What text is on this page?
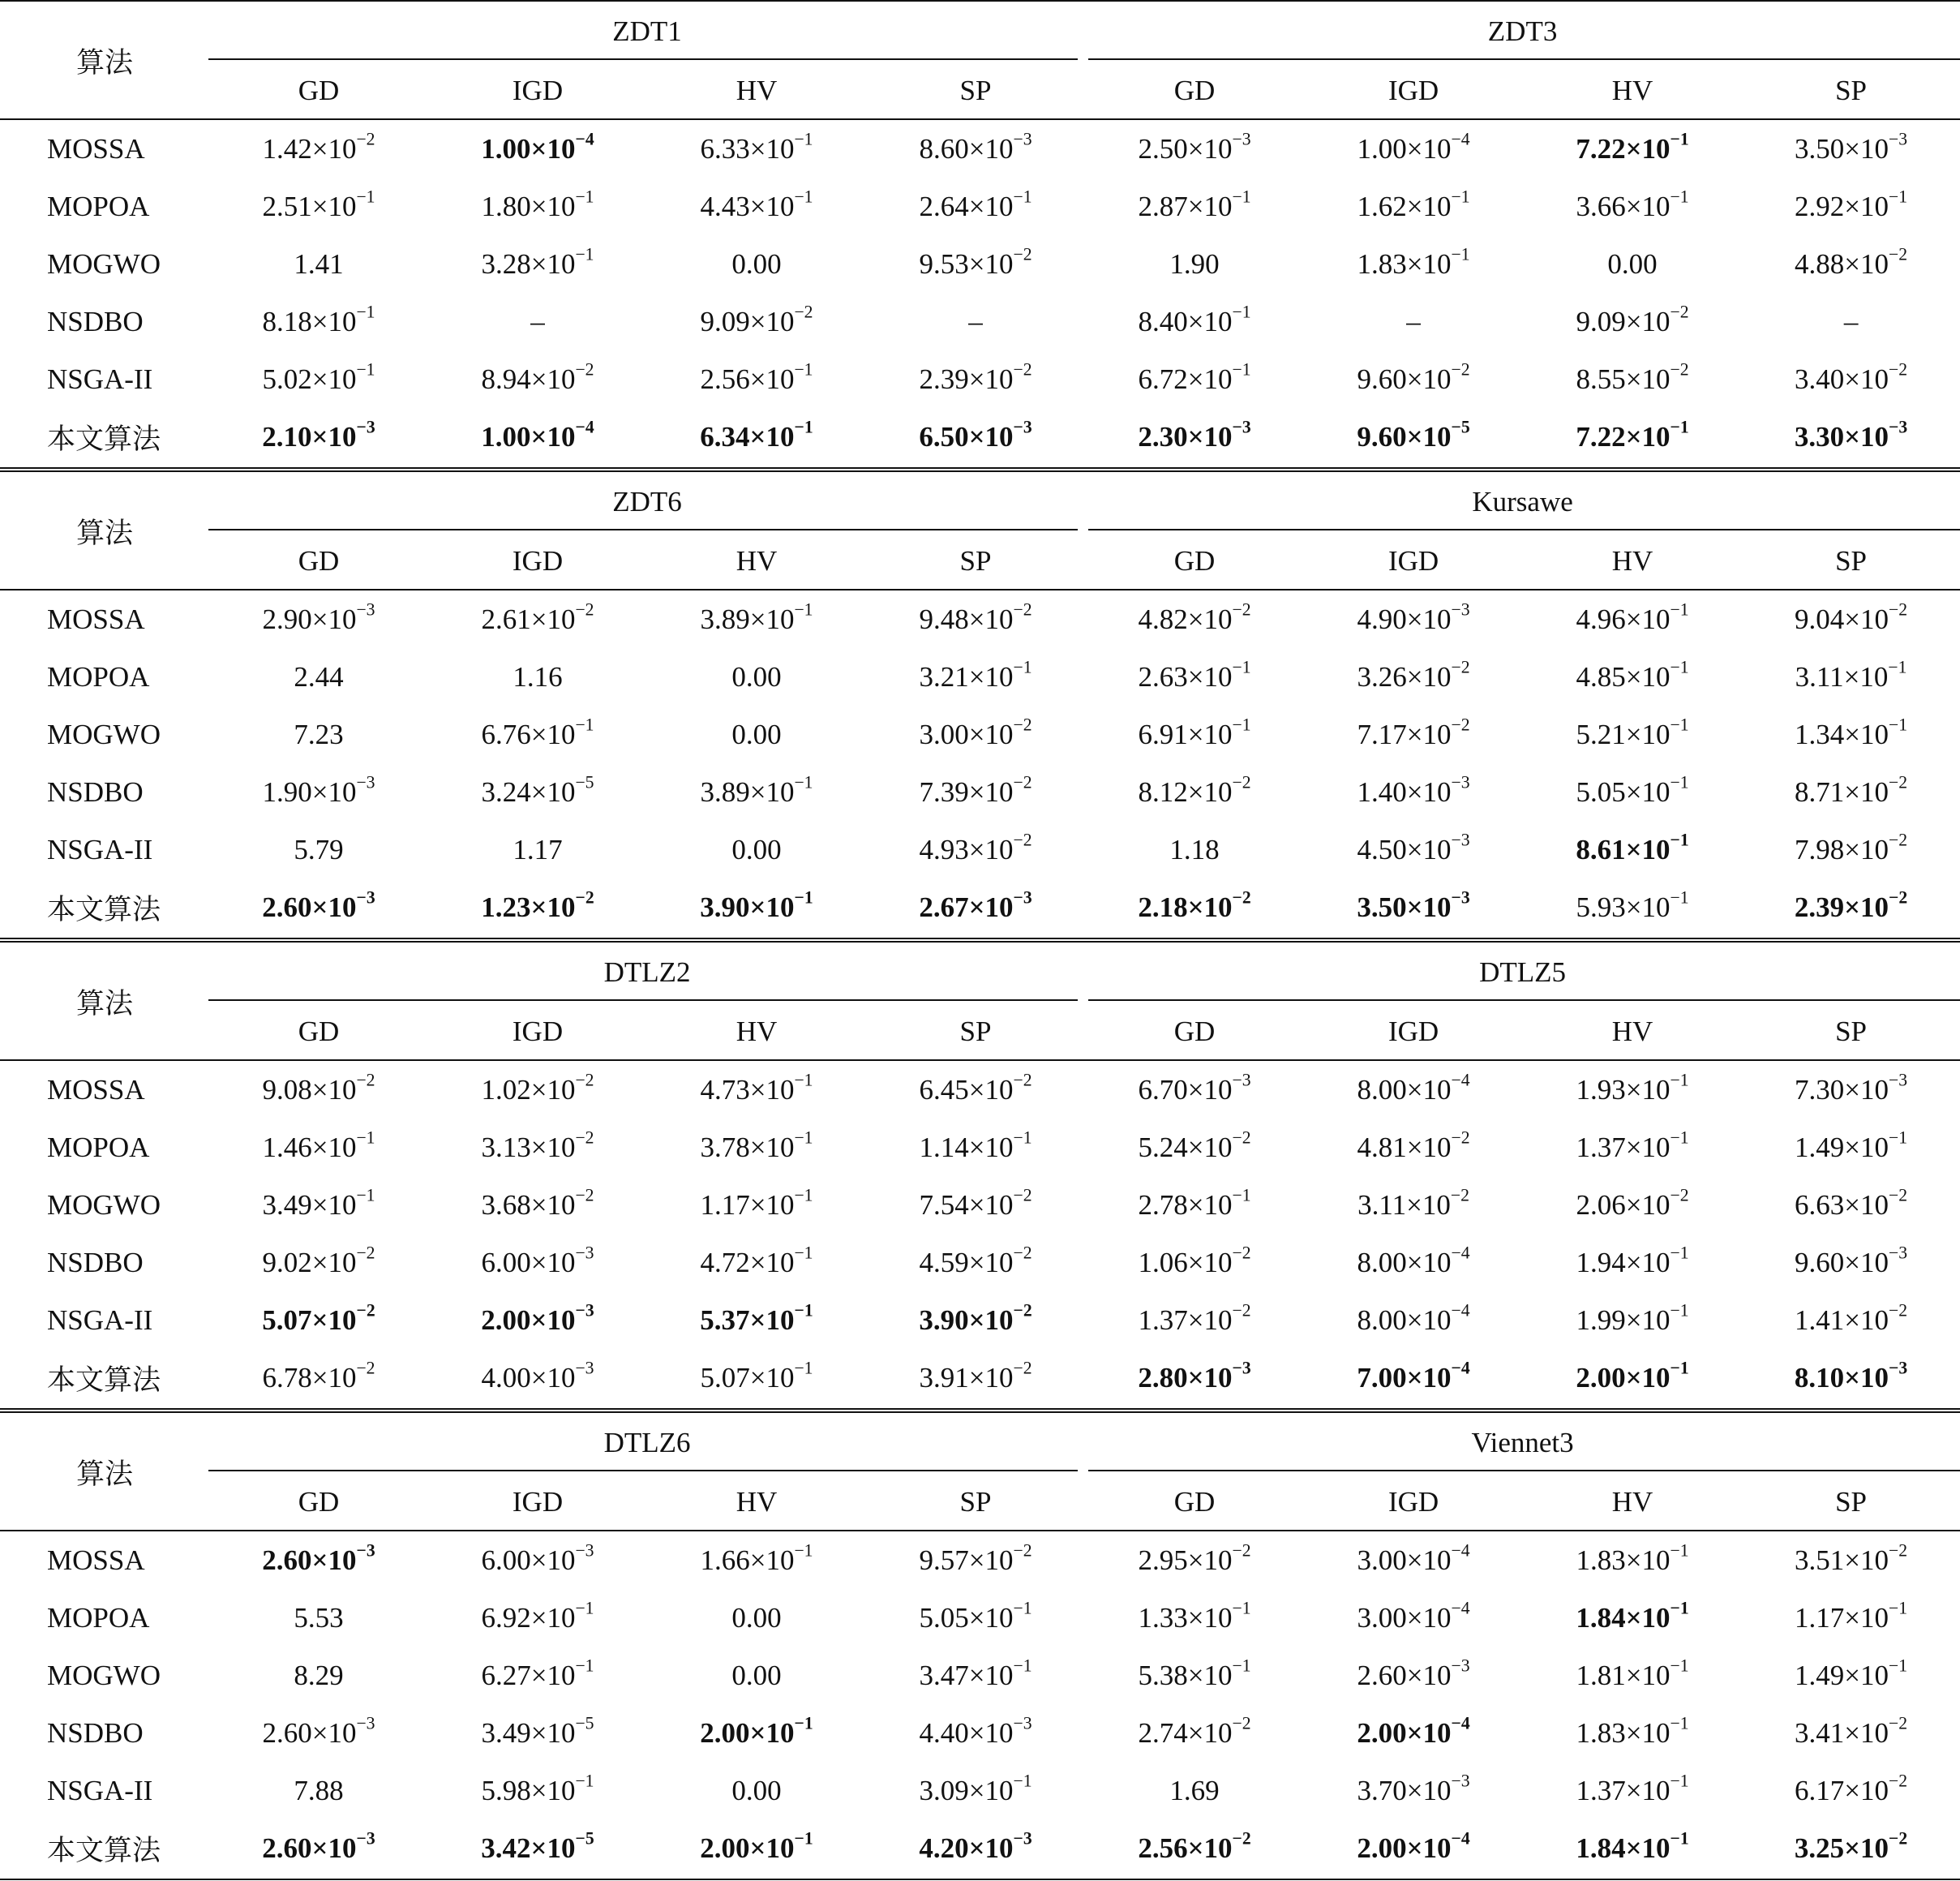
算法	ZDT1				ZDT3			
	GD	IGD	HV	SP	GD	IGD	HV	SP
MOSSA	$1.42\times 10^{-2}$	$1.00\times 10^{-4}$	$6.33\times 10^{-1}$	$8.60\times 10^{-3}$	$2.50\times 10^{-3}$	$1.00\times 10^{-4}$	$7.22\times 10^{-1}$	$3.50\times 10^{-3}$
MOPOA	$2.51\times 10^{-1}$	$1.80\times 10^{-1}$	$4.43\times 10^{-1}$	$2.64\times 10^{-1}$	$2.87\times 10^{-1}$	$1.62\times 10^{-1}$	$3.66\times 10^{-1}$	$2.92\times 10^{-1}$
MOGWO	1.41	$3.28\times 10^{-1}$	0.00	$9.53\times 10^{-2}$	1.90	$1.83\times 10^{-1}$	0.00	$4.88\times 10^{-2}$
NSDBO	$8.18\times 10^{-1}$	–	$9.09\times 10^{-2}$	–	$8.40\times 10^{-1}$	–	$9.09\times 10^{-2}$	–
NSGA-II	$5.02\times 10^{-1}$	$8.94\times 10^{-2}$	$2.56\times 10^{-1}$	$2.39\times 10^{-2}$	$6.72\times 10^{-1}$	$9.60\times 10^{-2}$	$8.55\times 10^{-2}$	$3.40\times 10^{-2}$
本文算法	$2.10\times 10^{-3}$	$1.00\times 10^{-4}$	$6.34\times 10^{-1}$	$6.50\times 10^{-3}$	$2.30\times 10^{-3}$	$9.60\times 10^{-5}$	$7.22\times 10^{-1}$	$3.30\times 10^{-3}$
算法	ZDT6				Kursawe			
	GD	IGD	HV	SP	GD	IGD	HV	SP
MOSSA	$2.90\times 10^{-3}$	$2.61\times 10^{-2}$	$3.89\times 10^{-1}$	$9.48\times 10^{-2}$	$4.82\times 10^{-2}$	$4.90\times 10^{-3}$	$4.96\times 10^{-1}$	$9.04\times 10^{-2}$
MOPOA	2.44	1.16	0.00	$3.21\times 10^{-1}$	$2.63\times 10^{-1}$	$3.26\times 10^{-2}$	$4.85\times 10^{-1}$	$3.11\times 10^{-1}$
MOGWO	7.23	$6.76\times 10^{-1}$	0.00	$3.00\times 10^{-2}$	$6.91\times 10^{-1}$	$7.17\times 10^{-2}$	$5.21\times 10^{-1}$	$1.34\times 10^{-1}$
NSDBO	$1.90\times 10^{-3}$	$3.24\times 10^{-5}$	$3.89\times 10^{-1}$	$7.39\times 10^{-2}$	$8.12\times 10^{-2}$	$1.40\times 10^{-3}$	$5.05\times 10^{-1}$	$8.71\times 10^{-2}$
NSGA-II	5.79	1.17	0.00	$4.93\times 10^{-2}$	1.18	$4.50\times 10^{-3}$	$8.61\times 10^{-1}$	$7.98\times 10^{-2}$
本文算法	$2.60\times 10^{-3}$	$1.23\times 10^{-2}$	$3.90\times 10^{-1}$	$2.67\times 10^{-3}$	$2.18\times 10^{-2}$	$3.50\times 10^{-3}$	$5.93\times 10^{-1}$	$2.39\times 10^{-2}$
算法	DTLZ2				DTLZ5			
	GD	IGD	HV	SP	GD	IGD	HV	SP
MOSSA	$9.08\times 10^{-2}$	$1.02\times 10^{-2}$	$4.73\times 10^{-1}$	$6.45\times 10^{-2}$	$6.70\times 10^{-3}$	$8.00\times 10^{-4}$	$1.93\times 10^{-1}$	$7.30\times 10^{-3}$
MOPOA	$1.46\times 10^{-1}$	$3.13\times 10^{-2}$	$3.78\times 10^{-1}$	$1.14\times 10^{-1}$	$5.24\times 10^{-2}$	$4.81\times 10^{-2}$	$1.37\times 10^{-1}$	$1.49\times 10^{-1}$
MOGWO	$3.49\times 10^{-1}$	$3.68\times 10^{-2}$	$1.17\times 10^{-1}$	$7.54\times 10^{-2}$	$2.78\times 10^{-1}$	$3.11\times 10^{-2}$	$2.06\times 10^{-2}$	$6.63\times 10^{-2}$
NSDBO	$9.02\times 10^{-2}$	$6.00\times 10^{-3}$	$4.72\times 10^{-1}$	$4.59\times 10^{-2}$	$1.06\times 10^{-2}$	$8.00\times 10^{-4}$	$1.94\times 10^{-1}$	$9.60\times 10^{-3}$
NSGA-II	$5.07\times 10^{-2}$	$2.00\times 10^{-3}$	$5.37\times 10^{-1}$	$3.90\times 10^{-2}$	$1.37\times 10^{-2}$	$8.00\times 10^{-4}$	$1.99\times 10^{-1}$	$1.41\times 10^{-2}$
本文算法	$6.78\times 10^{-2}$	$4.00\times 10^{-3}$	$5.07\times 10^{-1}$	$3.91\times 10^{-2}$	$2.80\times 10^{-3}$	$7.00\times 10^{-4}$	$2.00\times 10^{-1}$	$8.10\times 10^{-3}$
算法	DTLZ6				Viennet3			
	GD	IGD	HV	SP	GD	IGD	HV	SP
MOSSA	$2.60\times 10^{-3}$	$6.00\times 10^{-3}$	$1.66\times 10^{-1}$	$9.57\times 10^{-2}$	$2.95\times 10^{-2}$	$3.00\times 10^{-4}$	$1.83\times 10^{-1}$	$3.51\times 10^{-2}$
MOPOA	5.53	$6.92\times 10^{-1}$	0.00	$5.05\times 10^{-1}$	$1.33\times 10^{-1}$	$3.00\times 10^{-4}$	$1.84\times 10^{-1}$	$1.17\times 10^{-1}$
MOGWO	8.29	$6.27\times 10^{-1}$	0.00	$3.47\times 10^{-1}$	$5.38\times 10^{-1}$	$2.60\times 10^{-3}$	$1.81\times 10^{-1}$	$1.49\times 10^{-1}$
NSDBO	$2.60\times 10^{-3}$	$3.49\times 10^{-5}$	$2.00\times 10^{-1}$	$4.40\times 10^{-3}$	$2.74\times 10^{-2}$	$2.00\times 10^{-4}$	$1.83\times 10^{-1}$	$3.41\times 10^{-2}$
NSGA-II	7.88	$5.98\times 10^{-1}$	0.00	$3.09\times 10^{-1}$	1.69	$3.70\times 10^{-3}$	$1.37\times 10^{-1}$	$6.17\times 10^{-2}$
本文算法	$2.60\times 10^{-3}$	$3.42\times 10^{-5}$	$2.00\times 10^{-1}$	$4.20\times 10^{-3}$	$2.56\times 10^{-2}$	$2.00\times 10^{-4}$	$1.84\times 10^{-1}$	$3.25\times 10^{-2}$
